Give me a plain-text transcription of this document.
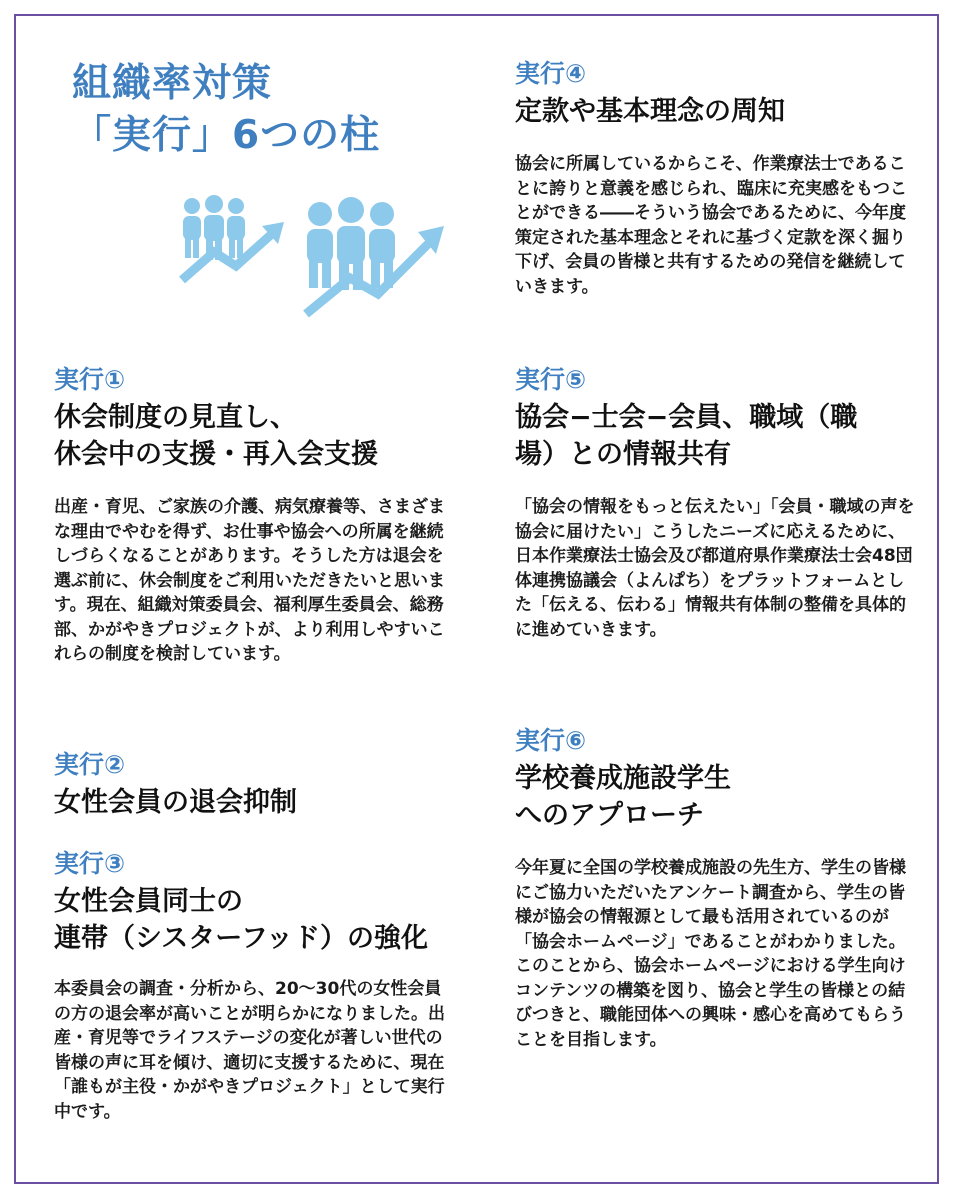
組織率対策
「実行」6つの柱

実行①

休会制度の見直し、
休会中の支援・再入会支援

出産・育児、ご家族の介護、病気療養等、さまざまな理由でやむを得ず、お仕事や協会への所属を継続しづらくなることがあります。そうした方は退会を選ぶ前に、休会制度をご利用いただきたいと思います。現在、組織対策委員会、福利厚生委員会、総務部、かがやきプロジェクトが、より利用しやすいこれらの制度を検討しています。

実行②

女性会員の退会抑制

実行③

女性会員同士の
連帯（シスターフッド）の強化

本委員会の調査・分析から、20〜30代の女性会員の方の退会率が高いことが明らかになりました。出産・育児等でライフステージの変化が著しい世代の皆様の声に耳を傾け、適切に支援するために、現在「誰もが主役・かがやきプロジェクト」として実行中です。

実行④

定款や基本理念の周知

協会に所属しているからこそ、作業療法士であることに誇りと意義を感じられ、臨床に充実感をもつことができる――そういう協会であるために、今年度策定された基本理念とそれに基づく定款を深く掘り下げ、会員の皆様と共有するための発信を継続していきます。

実行⑤

協会−士会−会員、職域（職
場）との情報共有

「協会の情報をもっと伝えたい」「会員・職域の声を協会に届けたい」こうしたニーズに応えるために、日本作業療法士協会及び都道府県作業療法士会48団体連携協議会（よんぱち）をプラットフォームとした「伝える、伝わる」情報共有体制の整備を具体的に進めていきます。

実行⑥

学校養成施設学生
へのアプローチ

今年夏に全国の学校養成施設の先生方、学生の皆様にご協力いただいたアンケート調査から、学生の皆様が協会の情報源として最も活用されているのが「協会ホームページ」であることがわかりました。このことから、協会ホームページにおける学生向けコンテンツの構築を図り、協会と学生の皆様との結びつきと、職能団体への興味・感心を高めてもらうことを目指します。
